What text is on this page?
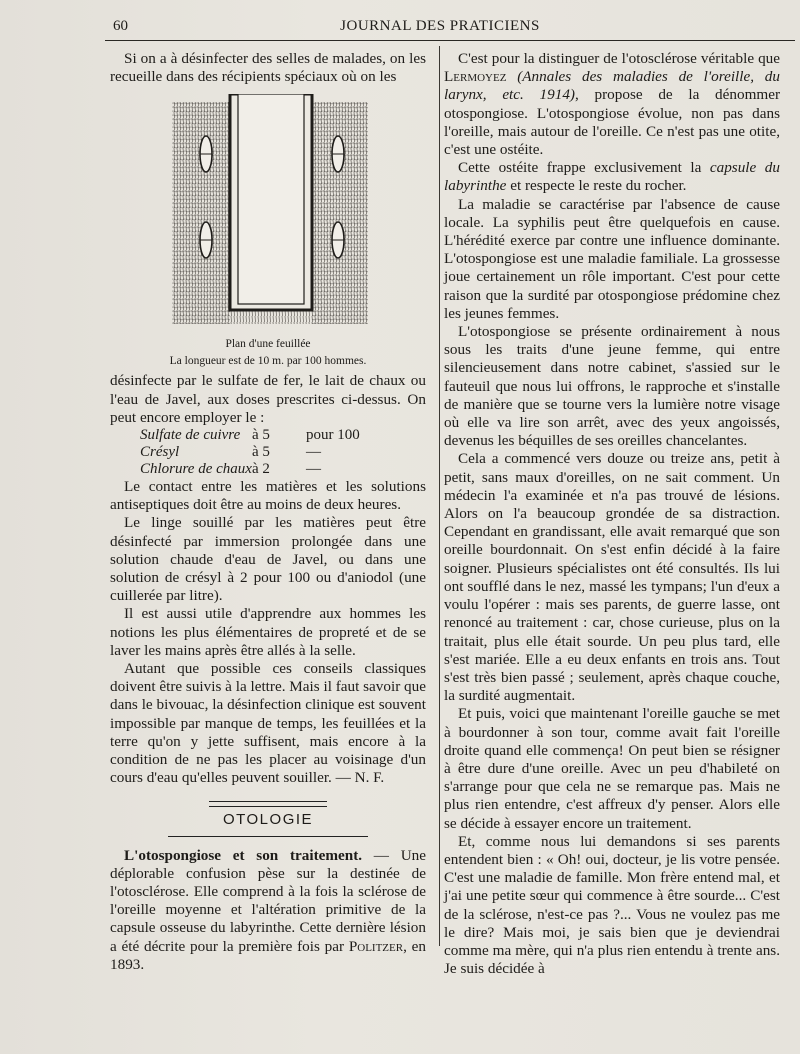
60	JOURNAL DES PRATICIENS

Si on a à désinfecter des selles de malades, on les recueille dans des récipients spéciaux où on les

Plan d'une feuillée

La longueur est de 10 m. par 100 hommes.

désinfecte par le sulfate de fer, le lait de chaux ou l'eau de Javel, aux doses prescrites ci-dessus. On peut encore employer le :

Sulfate de cuivre à 5	pour 100
Crésyl	à 5	—
Chlorure de chaux à 2	—

Le contact entre les matières et les solutions antiseptiques doit être au moins de deux heures.

Le linge souillé par les matières peut être désinfecté par immersion prolongée dans une solution chaude d'eau de Javel, ou dans une solution de crésyl à 2 pour 100 ou d'aniodol (une cuillerée par litre).

Il est aussi utile d'apprendre aux hommes les notions les plus élémentaires de propreté et de se laver les mains après être allés à la selle.

Autant que possible ces conseils classiques doivent être suivis à la lettre. Mais il faut savoir que dans le bivouac, la désinfection clinique est souvent impossible par manque de temps, les feuillées et la terre qu'on y jette suffisent, mais encore à la condition de ne pas les placer au voisinage d'un cours d'eau qu'elles peuvent souiller. — N. F.

OTOLOGIE

L'otospongiose et son traitement. — Une déplorable confusion pèse sur la destinée de l'otosclérose. Elle comprend à la fois la sclérose de l'oreille moyenne et l'altération primitive de la capsule osseuse du labyrinthe. Cette dernière lésion a été décrite pour la première fois par Politzer, en 1893.

C'est pour la distinguer de l'otosclérose véritable que Lermoyez (Annales des maladies de l'oreille, du larynx, etc. 1914), propose de la dénommer otospongiose. L'otospongiose évolue, non pas dans l'oreille, mais autour de l'oreille. Ce n'est pas une otite, c'est une ostéite.

Cette ostéite frappe exclusivement la capsule du labyrinthe et respecte le reste du rocher.

La maladie se caractérise par l'absence de cause locale. La syphilis peut être quelquefois en cause. L'hérédité exerce par contre une influence dominante. L'otospongiose est une maladie familiale. La grossesse joue certainement un rôle important. C'est pour cette raison que la surdité par otospongiose prédomine chez les jeunes femmes.

L'otospongiose se présente ordinairement à nous sous les traits d'une jeune femme, qui entre silencieusement dans notre cabinet, s'assied sur le fauteuil que nous lui offrons, le rapproche et s'installe de manière que se tourne vers la lumière notre visage où elle va lire son arrêt, avec des yeux angoissés, devenus les béquilles de ses oreilles chancelantes.

Cela a commencé vers douze ou treize ans, petit à petit, sans maux d'oreilles, on ne sait comment. Un médecin l'a examinée et n'a pas trouvé de lésions. Alors on l'a beaucoup grondée de sa distraction. Cependant en grandissant, elle avait remarqué que son oreille bourdonnait. On s'est enfin décidé à la faire soigner. Plusieurs spécialistes ont été consultés. Ils lui ont soufflé dans le nez, massé les tympans; l'un d'eux a voulu l'opérer : mais ses parents, de guerre lasse, ont renoncé au traitement : car, chose curieuse, plus on la traitait, plus elle était sourde. Un peu plus tard, elle s'est mariée. Elle a eu deux enfants en trois ans. Tout s'est très bien passé ; seulement, après chaque couche, la surdité augmentait.

Et puis, voici que maintenant l'oreille gauche se met à bourdonner à son tour, comme avait fait l'oreille droite quand elle commença! On peut bien se résigner à être dure d'une oreille. Avec un peu d'habileté on s'arrange pour que cela ne se remarque pas. Mais ne plus rien entendre, c'est affreux d'y penser. Alors elle se décide à essayer encore un traitement.

Et, comme nous lui demandons si ses parents entendent bien : « Oh! oui, docteur, je lis votre pensée. C'est une maladie de famille. Mon frère entend mal, et j'ai une petite sœur qui commence à être sourde... C'est de la sclérose, n'est-ce pas ?... Vous ne voulez pas me le dire? Mais moi, je sais bien que je deviendrai comme ma mère, qui n'a plus rien entendu à trente ans. Je suis décidée à
